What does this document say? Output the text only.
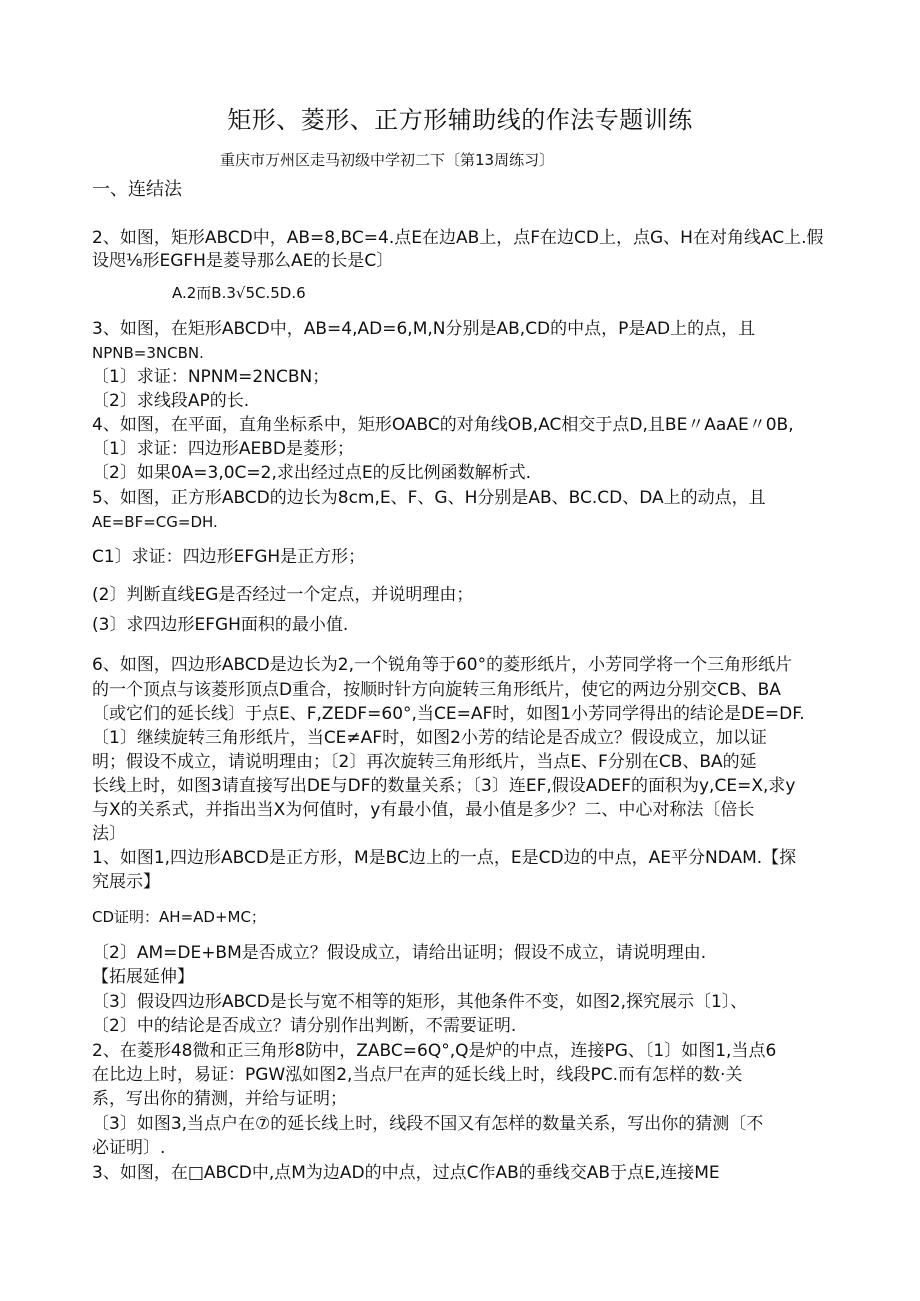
矩形、菱形、正方形辅助线的作法专题训练
重庆市万州区走马初级中学初二下〔第13周练习〕
一、连结法
2、如图，矩形ABCD中，AB=8,BC=4.点E在边AB上，点F在边CD上，点G、H在对角线AC上.假
设咫⅛形EGFH是菱导那么AE的长是C〕
A.2而B.3√5C.5D.6
3、如图，在矩形ABCD中，AB=4,AD=6,M,N分别是AB,CD的中点，P是AD上的点，且
NPNB=3NCBN.
〔1〕求证：NPNM=2NCBN；
〔2〕求线段AP的长.
4、如图，在平面，直角坐标系中，矩形OABC的对角线OB,AC相交于点D,且BE〃AaAE〃0B,
〔1〕求证：四边形AEBD是菱形；
〔2〕如果0A=3,0C=2,求出经过点E的反比例函数解析式.
5、如图，正方形ABCD的边长为8cm,E、F、G、H分别是AB、BC.CD、DA上的动点，且
AE=BF=CG=DH.
C1〕求证：四边形EFGH是正方形；
(2〕判断直线EG是否经过一个定点，并说明理由；
(3〕求四边形EFGH面积的最小值.
6、如图，四边形ABCD是边长为2,一个锐角等于60°的菱形纸片，小芳同学将一个三角形纸片
的一个顶点与该菱形顶点D重合，按顺时针方向旋转三角形纸片，使它的两边分别交CB、BA
〔或它们的延长线〕于点E、F,ZEDF=60°,当CE=AF时，如图1小芳同学得出的结论是DE=DF.
〔1〕继续旋转三角形纸片，当CE≠AF时，如图2小芳的结论是否成立？假设成立，加以证
明；假设不成立，请说明理由；〔2〕再次旋转三角形纸片，当点E、F分别在CB、BA的延
长线上时，如图3请直接写出DE与DF的数量关系；〔3〕连EF,假设ADEF的面积为y,CE=X,求y
与X的关系式，并指出当X为何值时，y有最小值，最小值是多少？二、中心对称法〔倍长
法〕
1、如图1,四边形ABCD是正方形，M是BC边上的一点，E是CD边的中点，AE平分NDAM.【探
究展示】
CD证明：AH=AD+MC；
〔2〕AM=DE+BM是否成立？假设成立，请给出证明；假设不成立，请说明理由.
【拓展延伸】
〔3〕假设四边形ABCD是长与宽不相等的矩形，其他条件不变，如图2,探究展示〔1〕、
〔2〕中的结论是否成立？请分别作出判断，不需要证明.
2、在菱形48微和正三角形8防中，ZABC=6Q°,Q是炉的中点，连接PG、〔1〕如图1,当点6
在比边上时，易证：PGW泓如图2,当点尸在声的延长线上时，线段PC.而有怎样的数·关
系，写出你的猜测，并给与证明；
〔3〕如图3,当点户在⑦的延长线上时，线段不国又有怎样的数量关系，写出你的猜测〔不
必证明〕.
3、如图，在□ABCD中,点M为边AD的中点，过点C作AB的垂线交AB于点E,连接ME
